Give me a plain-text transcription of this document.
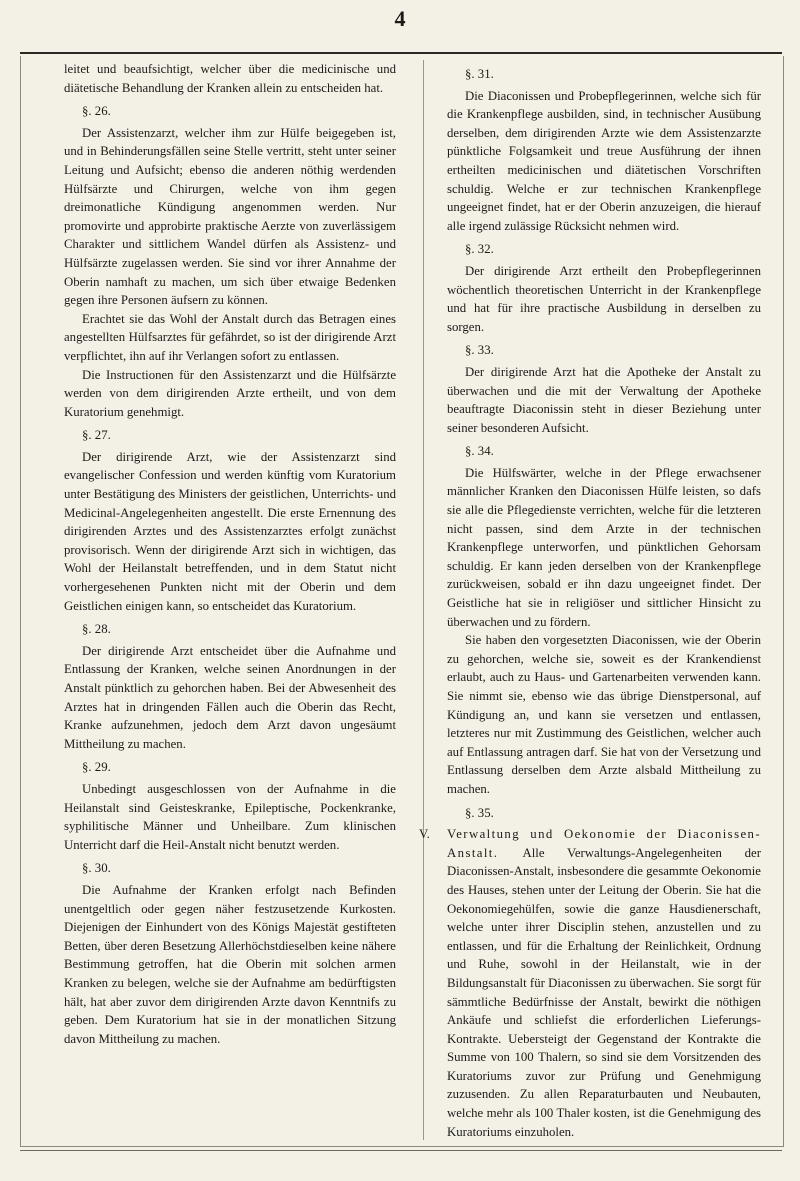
4

leitet und beaufsichtigt, welcher über die medicinische und diätetische Behandlung der Kranken allein zu entscheiden hat.

§. 26.

Der Assistenzarzt, welcher ihm zur Hülfe beigegeben ist, und in Behinderungsfällen seine Stelle vertritt, steht unter seiner Leitung und Aufsicht; ebenso die anderen nöthig werdenden Hülfsärzte und Chirurgen, welche von ihm gegen dreimonatliche Kündigung angenommen werden. Nur promovirte und approbirte praktische Aerzte von zuverlässigem Charakter und sittlichem Wandel dürfen als Assistenz- und Hülfsärzte zugelassen werden. Sie sind vor ihrer Annahme der Oberin namhaft zu machen, um sich über etwaige Bedenken gegen ihre Personen äufsern zu können.

Erachtet sie das Wohl der Anstalt durch das Betragen eines angestellten Hülfsarztes für gefährdet, so ist der dirigirende Arzt verpflichtet, ihn auf ihr Verlangen sofort zu entlassen.

Die Instructionen für den Assistenzarzt und die Hülfsärzte werden von dem dirigirenden Arzte ertheilt, und von dem Kuratorium genehmigt.

§. 27.

Der dirigirende Arzt, wie der Assistenzarzt sind evangelischer Confession und werden künftig vom Kuratorium unter Bestätigung des Ministers der geistlichen, Unterrichts- und Medicinal-Angelegenheiten angestellt. Die erste Ernennung des dirigirenden Arztes und des Assistenzarztes erfolgt zunächst provisorisch. Wenn der dirigirende Arzt sich in wichtigen, das Wohl der Heilanstalt betreffenden, und in dem Statut nicht vorhergesehenen Punkten nicht mit der Oberin und dem Geistlichen einigen kann, so entscheidet das Kuratorium.

§. 28.

Der dirigirende Arzt entscheidet über die Aufnahme und Entlassung der Kranken, welche seinen Anordnungen in der Anstalt pünktlich zu gehorchen haben. Bei der Abwesenheit des Arztes hat in dringenden Fällen auch die Oberin das Recht, Kranke aufzunehmen, jedoch dem Arzt davon ungesäumt Mittheilung zu machen.

§. 29.

Unbedingt ausgeschlossen von der Aufnahme in die Heilanstalt sind Geisteskranke, Epileptische, Pockenkranke, syphilitische Männer und Unheilbare. Zum klinischen Unterricht darf die Heil-Anstalt nicht benutzt werden.

§. 30.

Die Aufnahme der Kranken erfolgt nach Befinden unentgeltlich oder gegen näher festzusetzende Kurkosten. Diejenigen der Einhundert von des Königs Majestät gestifteten Betten, über deren Besetzung Allerhöchstdieselben keine nähere Bestimmung getroffen, hat die Oberin mit solchen armen Kranken zu belegen, welche sie der Aufnahme am bedürftigsten hält, hat aber zuvor dem dirigirenden Arzte davon Kenntnifs zu geben. Dem Kuratorium hat sie in der monatlichen Sitzung davon Mittheilung zu machen.

§. 31.

Die Diaconissen und Probepflegerinnen, welche sich für die Krankenpflege ausbilden, sind, in technischer Ausübung derselben, dem dirigirenden Arzte wie dem Assistenzarzte pünktliche Folgsamkeit und treue Ausführung der ihnen ertheilten medicinischen und diätetischen Vorschriften schuldig. Welche er zur technischen Krankenpflege ungeeignet findet, hat er der Oberin anzuzeigen, die hierauf alle irgend zulässige Rücksicht nehmen wird.

§. 32.

Der dirigirende Arzt ertheilt den Probepflegerinnen wöchentlich theoretischen Unterricht in der Krankenpflege und hat für ihre practische Ausbildung in derselben zu sorgen.

§. 33.

Der dirigirende Arzt hat die Apotheke der Anstalt zu überwachen und die mit der Verwaltung der Apotheke beauftragte Diaconissin steht in dieser Beziehung unter seiner besonderen Aufsicht.

§. 34.

Die Hülfswärter, welche in der Pflege erwachsener männlicher Kranken den Diaconissen Hülfe leisten, so dafs sie alle die Pflegedienste verrichten, welche für die letzteren nicht passen, sind dem Arzte in der technischen Krankenpflege unterworfen, und pünktlichen Gehorsam schuldig. Er kann jeden derselben von der Krankenpflege zurückweisen, sobald er ihn dazu ungeeignet findet. Der Geistliche hat sie in religiöser und sittlicher Hinsicht zu überwachen und zu fördern.

Sie haben den vorgesetzten Diaconissen, wie der Oberin zu gehorchen, welche sie, soweit es der Krankendienst erlaubt, auch zu Haus- und Gartenarbeiten verwenden kann. Sie nimmt sie, ebenso wie das übrige Dienstpersonal, auf Kündigung an, und kann sie versetzen und entlassen, letzteres nur mit Zustimmung des Geistlichen, welcher auch auf Entlassung antragen darf. Sie hat von der Versetzung und Entlassung derselben dem Arzte alsbald Mittheilung zu machen.

§. 35.

V. Verwaltung und Oekonomie der Diaconissen-Anstalt. Alle Verwaltungs-Angelegenheiten der Diaconissen-Anstalt, insbesondere die gesammte Oekonomie des Hauses, stehen unter der Leitung der Oberin. Sie hat die Oekonomiegehülfen, sowie die ganze Hausdienerschaft, welche unter ihrer Disciplin stehen, anzustellen und zu entlassen, und für die Erhaltung der Reinlichkeit, Ordnung und Ruhe, sowohl in der Heilanstalt, wie in der Bildungsanstalt für Diaconissen zu überwachen. Sie sorgt für sämmtliche Bedürfnisse der Anstalt, bewirkt die nöthigen Ankäufe und schliefst die erforderlichen Lieferungs-Kontrakte. Uebersteigt der Gegenstand der Kontrakte die Summe von 100 Thalern, so sind sie dem Vorsitzenden des Kuratoriums zuvor zur Prüfung und Genehmigung zuzusenden. Zu allen Reparaturbauten und Neubauten, welche mehr als 100 Thaler kosten, ist die Genehmigung des Kuratoriums einzuholen.
